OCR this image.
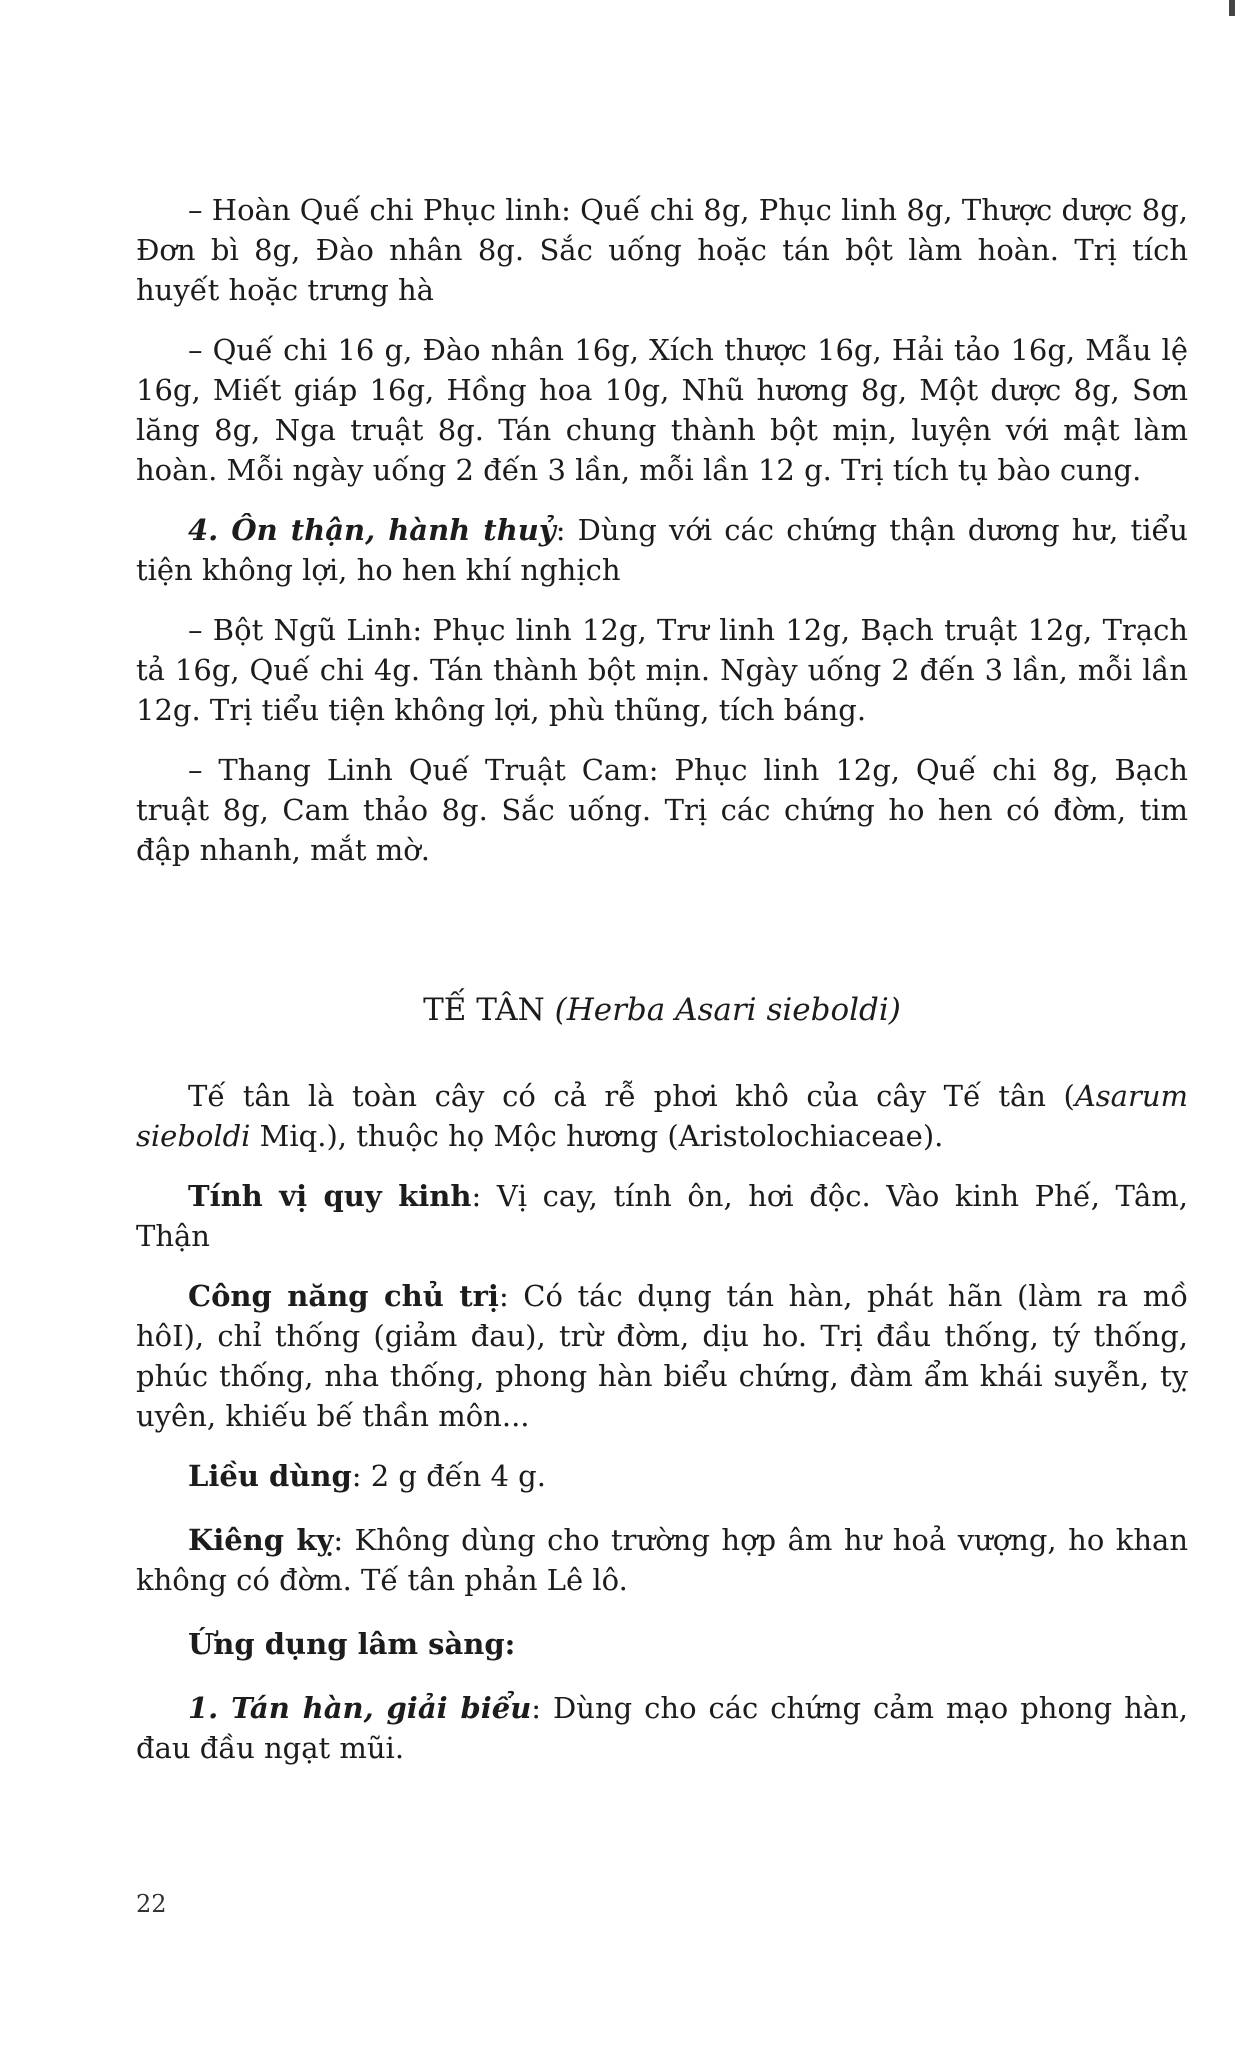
– Hoàn Quế chi Phục linh: Quế chi 8g, Phục linh 8g, Thược dược 8g, Đơn bì 8g, Đào nhân 8g. Sắc uống hoặc tán bột làm hoàn. Trị tích huyết hoặc trưng hà

– Quế chi 16 g, Đào nhân 16g, Xích thược 16g, Hải tảo 16g, Mẫu lệ 16g, Miết giáp 16g, Hồng hoa 10g, Nhũ hương 8g, Một dược 8g, Sơn lăng 8g, Nga truật 8g. Tán chung thành bột mịn, luyện với mật làm hoàn. Mỗi ngày uống 2 đến 3 lần, mỗi lần 12 g. Trị tích tụ bào cung.

4. Ôn thận, hành thuỷ: Dùng với các chứng thận dương hư, tiểu tiện không lợi, ho hen khí nghịch

– Bột Ngũ Linh: Phục linh 12g, Trư linh 12g, Bạch truật 12g, Trạch tả 16g, Quế chi 4g. Tán thành bột mịn. Ngày uống 2 đến 3 lần, mỗi lần 12g. Trị tiểu tiện không lợi, phù thũng, tích báng.

– Thang Linh Quế Truật Cam: Phục linh 12g, Quế chi 8g, Bạch truật 8g, Cam thảo 8g. Sắc uống. Trị các chứng ho hen có đờm, tim đập nhanh, mắt mờ.

TẾ TÂN (Herba Asari sieboldi)

Tế tân là toàn cây có cả rễ phơi khô của cây Tế tân (Asarum sieboldi Miq.), thuộc họ Mộc hương (Aristolochiaceae).

Tính vị quy kinh: Vị cay, tính ôn, hơi độc. Vào kinh Phế, Tâm, Thận

Công năng chủ trị: Có tác dụng tán hàn, phát hãn (làm ra mồ hôI), chỉ thống (giảm đau), trừ đờm, dịu ho. Trị đầu thống, tý thống, phúc thống, nha thống, phong hàn biểu chứng, đàm ẩm khái suyễn, tỵ uyên, khiếu bế thần môn...

Liều dùng: 2 g đến 4 g.

Kiêng kỵ: Không dùng cho trường hợp âm hư hoả vượng, ho khan không có đờm. Tế tân phản Lê lô.

Ứng dụng lâm sàng:

1. Tán hàn, giải biểu: Dùng cho các chứng cảm mạo phong hàn, đau đầu ngạt mũi.

22
